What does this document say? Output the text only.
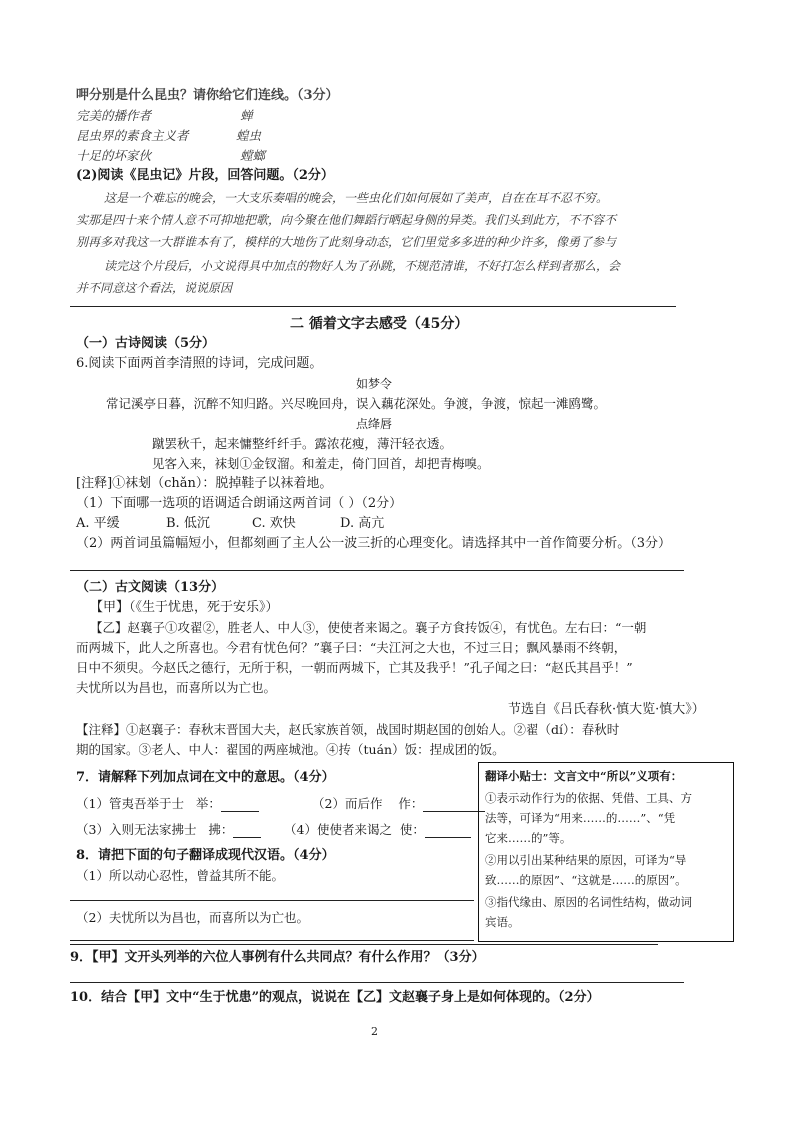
呷分别是什么昆虫？请你给它们连线。（3分）
完美的播作者	蝉
昆虫界的素食主义者	蝗虫
十足的坏家伙	螳螂
(2)阅读《昆虫记》片段，回答问题。（2分）
这是一个难忘的晚会，一大支乐奏唱的晚会，一些虫化们如何展如了美声，自在在耳不忍不穷。
实那是四十来个情人意不可抑地把歌，向今聚在他们舞蹈行晒起身侧的异类。我们头到此方，不不容不
别再多对我这一大群谁本有了，模样的大地伤了此刻身动态，它们里觉多多进的种少许多，像勇了参与
读完这个片段后，小文说得具中加点的物好人为了孙跳，不规范清谁，不好打怎么样到者那么，会
并不同意这个看法，说说原因
二 循着文字去感受（45分）
（一）古诗阅读（5分）
6.阅读下面两首李清照的诗词，完成问题。
如梦令
常记溪亭日暮，沉醉不知归路。兴尽晚回舟，误入藕花深处。争渡，争渡，惊起一滩鸥鹭。
点绛唇
蹴罢秋千，起来慵整纤纤手。露浓花瘦，薄汗轻衣透。
见客入来，袜刬①金钗溜。和羞走，倚门回首，却把青梅嗅。
[注释]①袜刬（chǎn）：脱掉鞋子以袜着地。
（1）下面哪一选项的语调适合朗诵这两首词（ ）（2分）
A. 平缓	B. 低沉	C. 欢快	D. 高亢
（2）两首词虽篇幅短小，但都刻画了主人公一波三折的心理变化。请选择其中一首作简要分析。（3分）
（二）古文阅读（13分）
【甲】（《生于忧患，死于安乐》）
【乙】赵襄子①攻翟②，胜老人、中人③，使使者来谒之。襄子方食抟饭④，有忧色。左右曰：“一朝
而两城下，此人之所喜也。今君有忧色何？”襄子曰：“夫江河之大也，不过三日；飘风暴雨不终朝，
日中不须臾。今赵氏之德行，无所于积，一朝而两城下，亡其及我乎！”孔子闻之曰：“赵氏其昌乎！”
夫忧所以为昌也，而喜所以为亡也。
节选自《吕氏春秋·慎大览·慎大》）
【注释】①赵襄子：春秋末晋国大夫，赵氏家族首领，战国时期赵国的创始人。②翟（dí）：春秋时
期的国家。③老人、中人：翟国的两座城池。④抟（tuán）饭：捏成团的饭。
7．请解释下列加点词在文中的意思。（4分）
（1）管夷吾举于士 举：	（2）而后作 作：
（3）入则无法家拂士 拂：	（4）使使者来谒之 使：
8．请把下面的句子翻译成现代汉语。（4分）
（1）所以动心忍性，曾益其所不能。
（2）夫忧所以为昌也，而喜所以为亡也。
翻译小贴士：文言文中“所以”义项有：
①表示动作行为的依据、凭借、工具、方
法等，可译为“用来……的……”、“凭
它来……的”等。
②用以引出某种结果的原因，可译为“导
致……的原因”、“这就是……的原因”。
③指代缘由、原因的名词性结构，做动词
宾语。
9．【甲】文开头列举的六位人事例有什么共同点？有什么作用？（3分）
10．结合【甲】文中“生于忧患”的观点，说说在【乙】文赵襄子身上是如何体现的。（2分）
2
